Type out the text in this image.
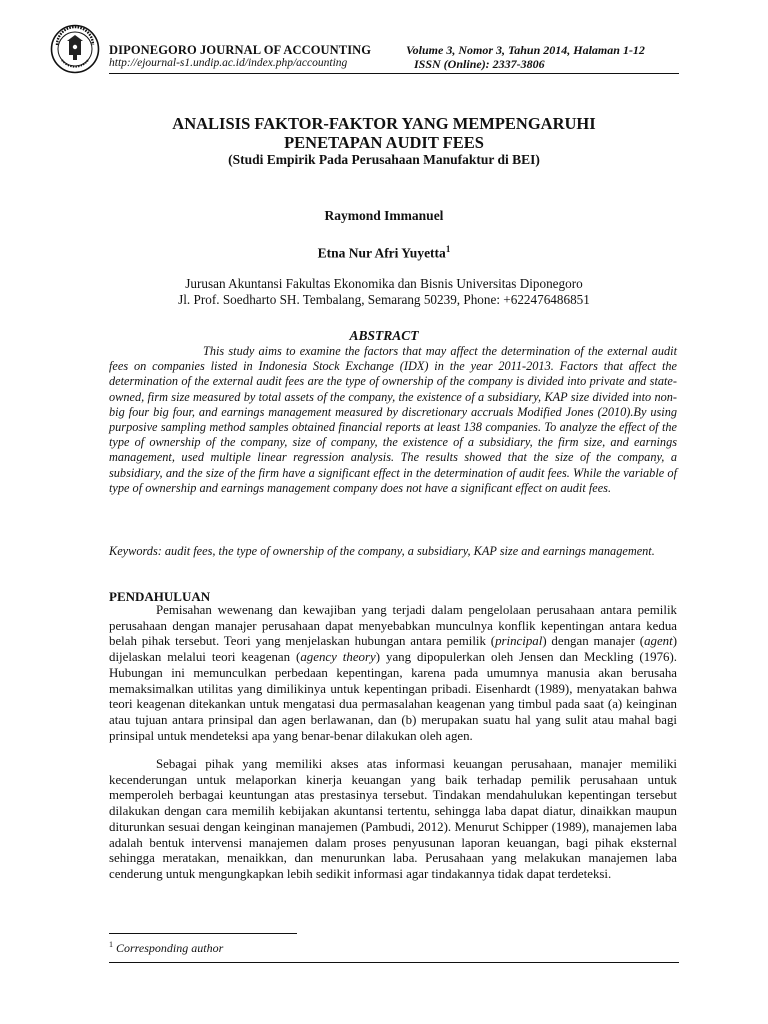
DIPONEGORO JOURNAL OF ACCOUNTING
http://ejournal-s1.undip.ac.id/index.php/accounting
Volume 3, Nomor 3, Tahun 2014, Halaman 1-12
ISSN (Online): 2337-3806
ANALISIS FAKTOR-FAKTOR YANG MEMPENGARUHI
PENETAPAN AUDIT FEES
(Studi Empirik Pada Perusahaan Manufaktur di BEI)
Raymond Immanuel
Etna Nur Afri Yuyetta$^1$
Jurusan Akuntansi Fakultas Ekonomika dan Bisnis Universitas Diponegoro
Jl. Prof. Soedharto SH. Tembalang, Semarang 50239, Phone: +622476486851
ABSTRACT
This study aims to examine the factors that may affect the determination of the external audit fees on companies listed in Indonesia Stock Exchange (IDX) in the year 2011-2013. Factors that affect the determination of the external audit fees are the type of ownership of the company is divided into private and state-owned, firm size measured by total assets of the company, the existence of a subsidiary, KAP size divided into non-big four big four, and earnings management measured by discretionary accruals Modified Jones (2010).By using purposive sampling method samples obtained financial reports at least 138 companies. To analyze the effect of the type of ownership of the company, size of company, the existence of a subsidiary, the firm size, and earnings management, used multiple linear regression analysis. The results showed that the size of the company, a subsidiary, and the size of the firm have a significant effect in the determination of audit fees. While the variable of type of ownership and earnings management company does not have a significant effect on audit fees.
Keywords: audit fees, the type of ownership of the company, a subsidiary, KAP size and earnings management.
PENDAHULUAN
Pemisahan wewenang dan kewajiban yang terjadi dalam pengelolaan perusahaan antara pemilik perusahaan dengan manajer perusahaan dapat menyebabkan munculnya konflik kepentingan antara kedua belah pihak tersebut. Teori yang menjelaskan hubungan antara pemilik (principal) dengan manajer (agent) dijelaskan melalui teori keagenan (agency theory) yang dipopulerkan oleh Jensen dan Meckling (1976). Hubungan ini memunculkan perbedaan kepentingan, karena pada umumnya manusia akan berusaha memaksimalkan utilitas yang dimilikinya untuk kepentingan pribadi. Eisenhardt (1989), menyatakan bahwa teori keagenan ditekankan untuk mengatasi dua permasalahan keagenan yang timbul pada saat (a) keinginan atau tujuan antara prinsipal dan agen berlawanan, dan (b) merupakan suatu hal yang sulit atau mahal bagi prinsipal untuk mendeteksi apa yang benar-benar dilakukan oleh agen.
Sebagai pihak yang memiliki akses atas informasi keuangan perusahaan, manajer memiliki kecenderungan untuk melaporkan kinerja keuangan yang baik terhadap pemilik perusahaan untuk memperoleh berbagai keuntungan atas prestasinya tersebut. Tindakan mendahulukan kepentingan tersebut dilakukan dengan cara memilih kebijakan akuntansi tertentu, sehingga laba dapat diatur, dinaikkan maupun diturunkan sesuai dengan keinginan manajemen (Pambudi, 2012). Menurut Schipper (1989), manajemen laba adalah bentuk intervensi manajemen dalam proses penyusunan laporan keuangan, bagi pihak eksternal sehingga meratakan, menaikkan, dan menurunkan laba. Perusahaan yang melakukan manajemen laba cenderung untuk mengungkapkan lebih sedikit informasi agar tindakannya tidak dapat terdeteksi.
$^1$ Corresponding author
